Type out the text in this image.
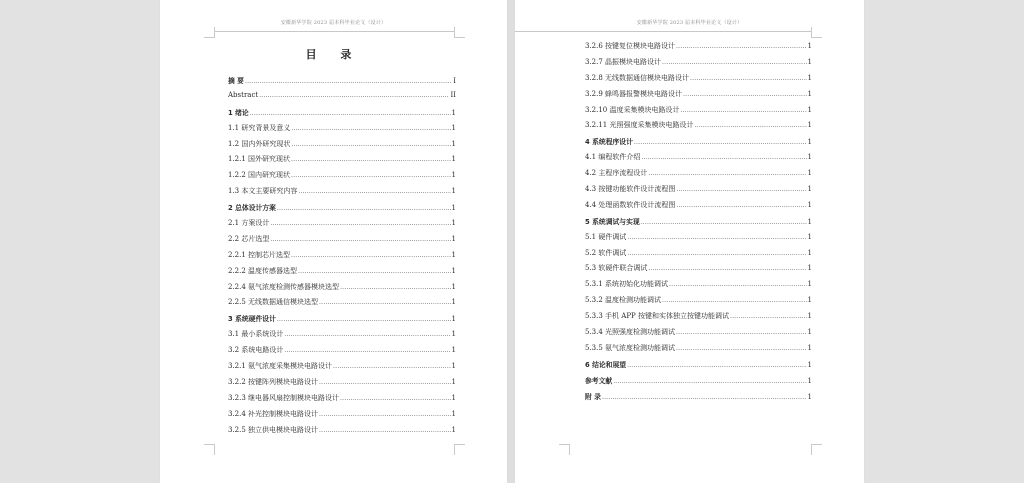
安徽新华学院 2023 届本科毕业论文（设计）
目 录
摘 要 .....	I
Abstract .....	II
1 绪论 .....	1
1.1 研究背景及意义 .....	1
1.2 国内外研究现状 .....	1
1.2.1 国外研究现状 .....	1
1.2.2 国内研究现状 .....	1
1.3 本文主要研究内容 .....	1
2 总体设计方案 .....	1
2.1 方案设计 .....	1
2.2 芯片选型 .....	1
2.2.1 控制芯片选型 .....	1
2.2.2 温度传感器选型 .....	1
2.2.4 氨气浓度检测传感器模块选型 .....	1
2.2.5 无线数据通信模块选型 .....	1
3 系统硬件设计 .....	1
3.1 最小系统设计 .....	1
3.2 系统电路设计 .....	1
3.2.1 氨气浓度采集模块电路设计 .....	1
3.2.2 按键阵列模块电路设计 .....	1
3.2.3 继电器风扇控制模块电路设计 .....	1
3.2.4 补光控制模块电路设计 .....	1
3.2.5 独立供电模块电路设计 .....	1
安徽新华学院 2023 届本科毕业论文（设计）
3.2.6 按键复位模块电路设计 .....	1
3.2.7 晶振模块电路设计 .....	1
3.2.8 无线数据通信模块电路设计 .....	1
3.2.9 蜂鸣器报警模块电路设计 .....	1
3.2.10 温度采集模块电路设计 .....	1
3.2.11 光照强度采集模块电路设计 .....	1
4 系统程序设计 .....	1
4.1 编程软件介绍 .....	1
4.2 主程序流程设计 .....	1
4.3 按键功能软件设计流程图 .....	1
4.4 处理函数软件设计流程图 .....	1
5 系统调试与实现 .....	1
5.1 硬件调试 .....	1
5.2 软件调试 .....	1
5.3 软硬件联合调试 .....	1
5.3.1 系统初始化功能调试 .....	1
5.3.2 温度检测功能调试 .....	1
5.3.3 手机 APP 按键和实体独立按键功能调试 .....	1
5.3.4 光照强度检测功能调试 .....	1
5.3.5 氨气浓度检测功能调试 .....	1
6 结论和展望 .....	1
参考文献 .....	1
附 录 .....	1
